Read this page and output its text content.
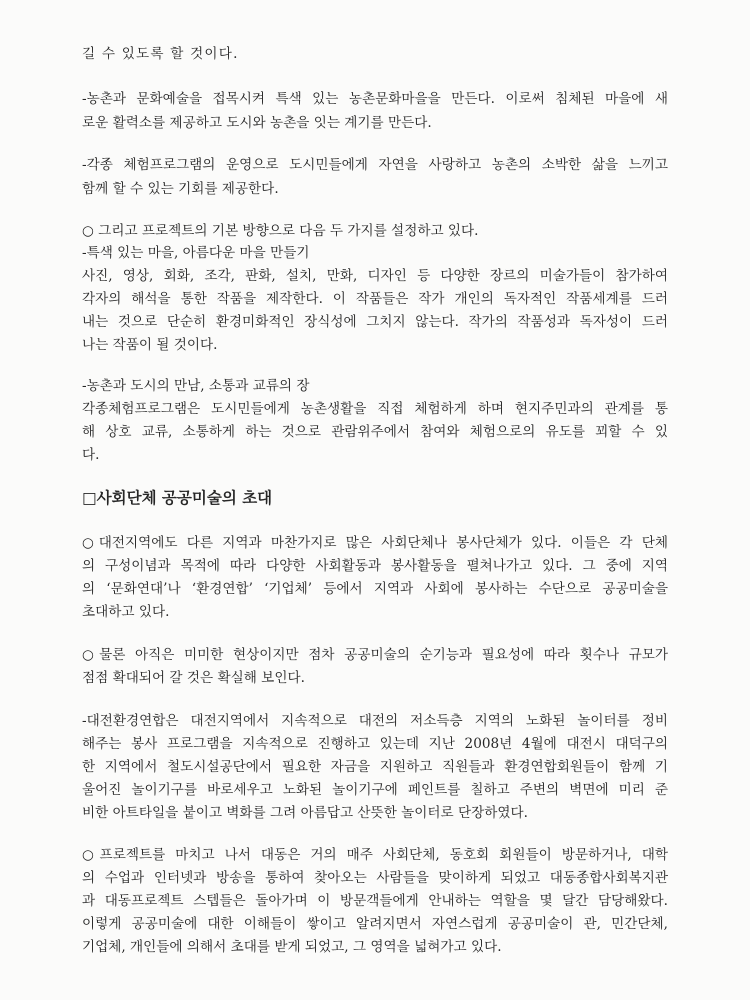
길 수 있도록 할 것이다.

-농촌과 문화예술을 접목시켜 특색 있는 농촌문화마을을 만든다. 이로써 침체된 마을에 새

로운 활력소를 제공하고 도시와 농촌을 잇는 계기를 만든다.

-각종 체험프로그램의 운영으로 도시민들에게 자연을 사랑하고 농촌의 소박한 삶을 느끼고

함께 할 수 있는 기회를 제공한다.

○ 그리고 프로젝트의 기본 방향으로 다음 두 가지를 설정하고 있다.

-특색 있는 마을, 아름다운 마을 만들기

사진, 영상, 회화, 조각, 판화, 설치, 만화, 디자인 등 다양한 장르의 미술가들이 참가하여

각자의 해석을 통한 작품을 제작한다. 이 작품들은 작가 개인의 독자적인 작품세계를 드러

내는 것으로 단순히 환경미화적인 장식성에 그치지 않는다. 작가의 작품성과 독자성이 드러

나는 작품이 될 것이다.

-농촌과 도시의 만남, 소통과 교류의 장

각종체험프로그램은 도시민들에게 농촌생활을 직접 체험하게 하며 현지주민과의 관계를 통

해 상호 교류, 소통하게 하는 것으로 관람위주에서 참여와 체험으로의 유도를 꾀할 수 있

다.

□사회단체 공공미술의 초대

○대전지역에도 다른 지역과 마찬가지로 많은 사회단체나 봉사단체가 있다. 이들은 각 단체

의 구성이념과 목적에 따라 다양한 사회활동과 봉사활동을 펼쳐나가고 있다. 그 중에 지역

의 ‘문화연대’나 ‘환경연합’ ‘기업체’ 등에서 지역과 사회에 봉사하는 수단으로 공공미술을

초대하고 있다.

○물론 아직은 미미한 현상이지만 점차 공공미술의 순기능과 필요성에 따라 횟수나 규모가

점점 확대되어 갈 것은 확실해 보인다.

-대전환경연합은 대전지역에서 지속적으로 대전의 저소득층 지역의 노화된 놀이터를 정비

해주는 봉사 프로그램을 지속적으로 진행하고 있는데 지난 2008년 4월에 대전시 대덕구의

한 지역에서 철도시설공단에서 필요한 자금을 지원하고 직원들과 환경연합회원들이 함께 기

울어진 놀이기구를 바로세우고 노화된 놀이기구에 페인트를 칠하고 주변의 벽면에 미리 준

비한 아트타일을 붙이고 벽화를 그려 아름답고 산뜻한 놀이터로 단장하였다.

○프로젝트를 마치고 나서 대동은 거의 매주 사회단체, 동호회 회원들이 방문하거나, 대학

의 수업과 인터넷과 방송을 통하여 찾아오는 사람들을 맞이하게 되었고 대동종합사회복지관

과 대동프로젝트 스텝들은 돌아가며 이 방문객들에게 안내하는 역할을 몇 달간 담당해왔다.

이렇게 공공미술에 대한 이해들이 쌓이고 알려지면서 자연스럽게 공공미술이 관, 민간단체,

기업체, 개인들에 의해서 초대를 받게 되었고, 그 영역을 넓혀가고 있다.
